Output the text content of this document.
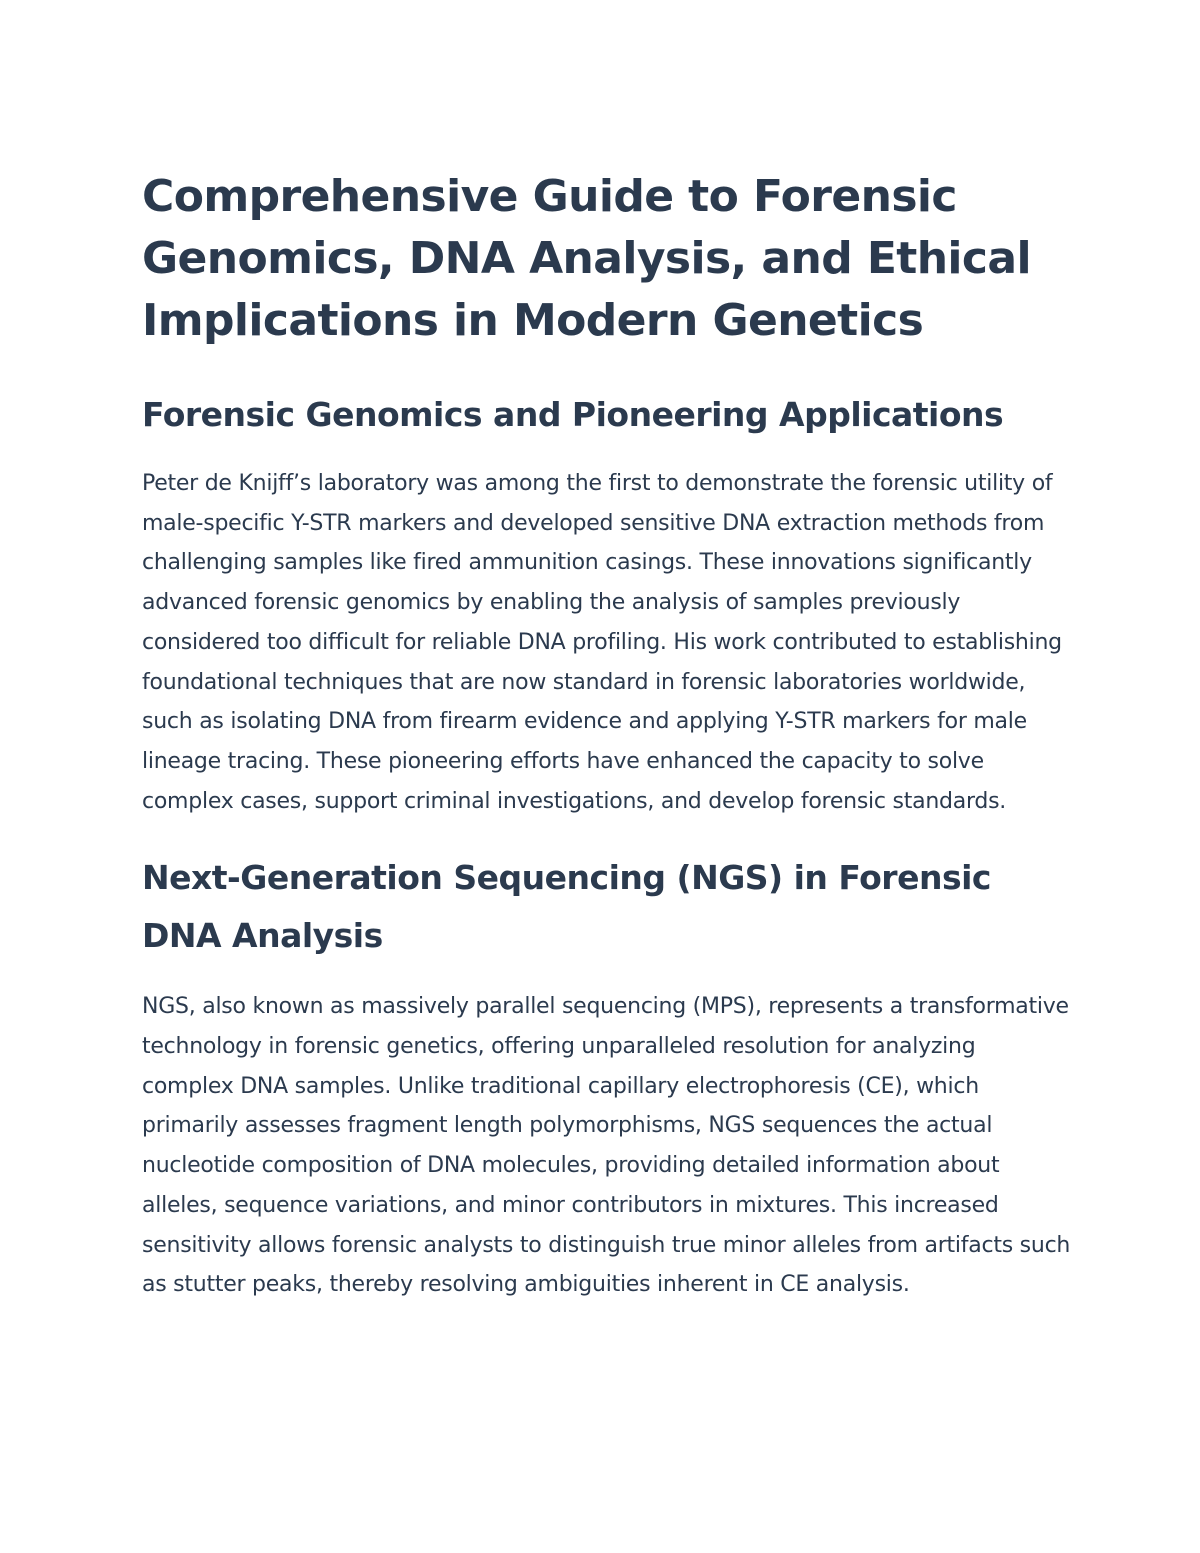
Comprehensive Guide to Forensic Genomics, DNA Analysis, and Ethical Implications in Modern Genetics
Forensic Genomics and Pioneering Applications

Peter de Knijff’s laboratory was among the first to demonstrate the forensic utility of male-specific Y-STR markers and developed sensitive DNA extraction methods from challenging samples like fired ammunition casings. These innovations significantly advanced forensic genomics by enabling the analysis of samples previously considered too difficult for reliable DNA profiling. His work contributed to establishing foundational techniques that are now standard in forensic laboratories worldwide, such as isolating DNA from firearm evidence and applying Y-STR markers for male lineage tracing. These pioneering efforts have enhanced the capacity to solve complex cases, support criminal investigations, and develop forensic standards.

Next-Generation Sequencing (NGS) in Forensic DNA Analysis

NGS, also known as massively parallel sequencing (MPS), represents a transformative technology in forensic genetics, offering unparalleled resolution for analyzing complex DNA samples. Unlike traditional capillary electrophoresis (CE), which primarily assesses fragment length polymorphisms, NGS sequences the actual nucleotide composition of DNA molecules, providing detailed information about alleles, sequence variations, and minor contributors in mixtures. This increased sensitivity allows forensic analysts to distinguish true minor alleles from artifacts such as stutter peaks, thereby resolving ambiguities inherent in CE analysis.
